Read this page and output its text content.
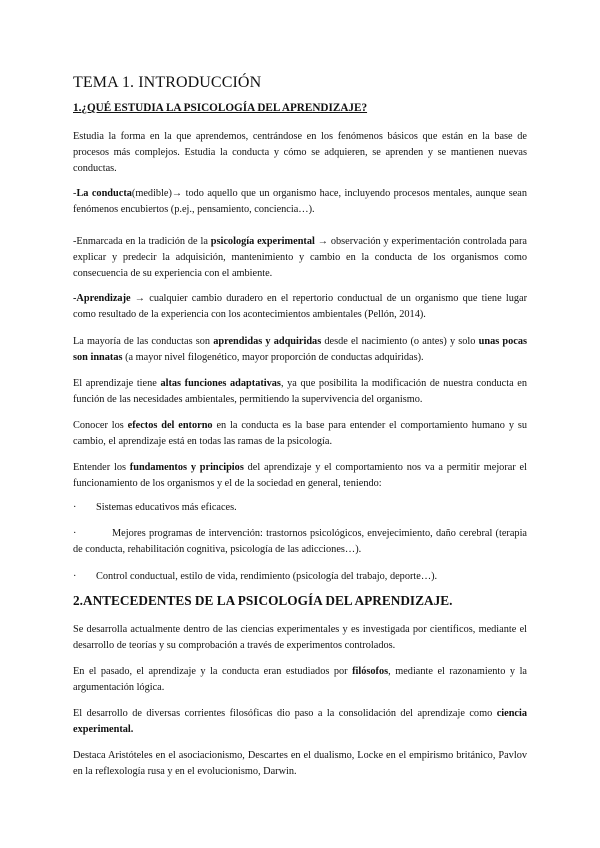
TEMA 1. INTRODUCCIÓN
1.¿QUÉ ESTUDIA LA PSICOLOGÍA DEL APRENDIZAJE?

Estudia la forma en la que aprendemos, centrándose en los fenómenos básicos que están en la base de procesos más complejos. Estudia la conducta y cómo se adquieren, se aprenden y se mantienen nuevas conductas.

-La conducta(medible)→ todo aquello que un organismo hace, incluyendo procesos mentales, aunque sean fenómenos encubiertos (p.ej., pensamiento, conciencia…).

-Enmarcada en la tradición de la psicología experimental → observación y experimentación controlada para explicar y predecir la adquisición, mantenimiento y cambio en la conducta de los organismos como consecuencia de su experiencia con el ambiente.

-Aprendizaje → cualquier cambio duradero en el repertorio conductual de un organismo que tiene lugar como resultado de la experiencia con los acontecimientos ambientales (Pellón, 2014).

La mayoría de las conductas son aprendidas y adquiridas desde el nacimiento (o antes) y solo unas pocas son innatas (a mayor nivel filogenético, mayor proporción de conductas adquiridas).

El aprendizaje tiene altas funciones adaptativas, ya que posibilita la modificación de nuestra conducta en función de las necesidades ambientales, permitiendo la supervivencia del organismo.

Conocer los efectos del entorno en la conducta es la base para entender el comportamiento humano y su cambio, el aprendizaje está en todas las ramas de la psicología.

Entender los fundamentos y principios del aprendizaje y el comportamiento nos va a permitir mejorar el funcionamiento de los organismos y el de la sociedad en general, teniendo:

·	Sistemas educativos más eficaces.
·	Mejores programas de intervención: trastornos psicológicos, envejecimiento, daño cerebral (terapia de conducta, rehabilitación cognitiva, psicología de las adicciones…).
·	Control conductual, estilo de vida, rendimiento (psicología del trabajo, deporte…).
2.ANTECEDENTES DE LA PSICOLOGÍA DEL APRENDIZAJE.

Se desarrolla actualmente dentro de las ciencias experimentales y es investigada por científicos, mediante el desarrollo de teorías y su comprobación a través de experimentos controlados.

En el pasado, el aprendizaje y la conducta eran estudiados por filósofos, mediante el razonamiento y la argumentación lógica.

El desarrollo de diversas corrientes filosóficas dio paso a la consolidación del aprendizaje como ciencia experimental.

Destaca Aristóteles en el asociacionismo, Descartes en el dualismo, Locke en el empirismo británico, Pavlov en la reflexología rusa y en el evolucionismo, Darwin.
